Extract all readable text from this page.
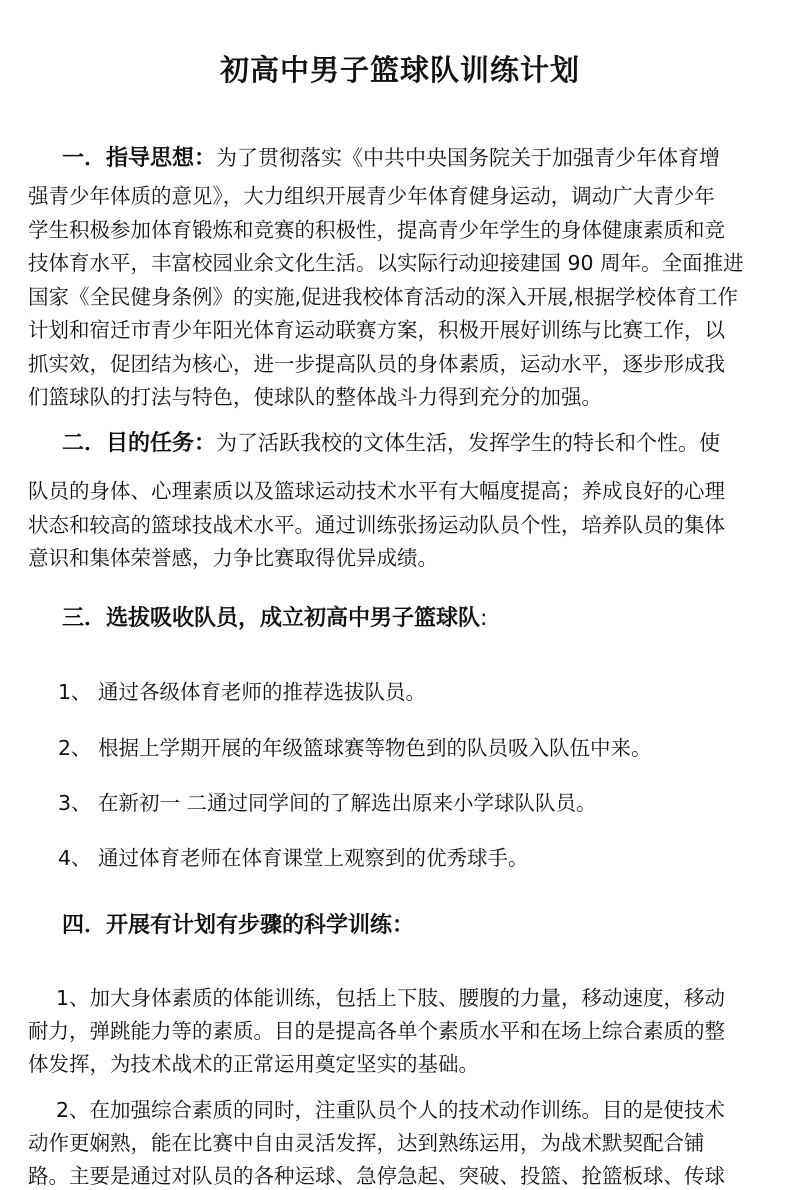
初高中男子篮球队训练计划
一．指导思想：为了贯彻落实《中共中央国务院关于加强青少年体育增
强青少年体质的意见》，大力组织开展青少年体育健身运动，调动广大青少年
学生积极参加体育锻炼和竞赛的积极性，提高青少年学生的身体健康素质和竞
技体育水平，丰富校园业余文化生活。以实际行动迎接建国 90 周年。全面推进
国家《全民健身条例》的实施,促进我校体育活动的深入开展,根据学校体育工作
计划和宿迁市青少年阳光体育运动联赛方案，积极开展好训练与比赛工作，以
抓实效，促团结为核心，进一步提高队员的身体素质，运动水平，逐步形成我
们篮球队的打法与特色，使球队的整体战斗力得到充分的加强。
二．目的任务：为了活跃我校的文体生活，发挥学生的特长和个性。使
队员的身体、心理素质以及篮球运动技术水平有大幅度提高；养成良好的心理
状态和较高的篮球技战术水平。通过训练张扬运动队员个性，培养队员的集体
意识和集体荣誉感，力争比赛取得优异成绩。
三．选拔吸收队员，成立初高中男子篮球队:
1、 通过各级体育老师的推荐选拔队员。
2、 根据上学期开展的年级篮球赛等物色到的队员吸入队伍中来。
3、 在新初一 二通过同学间的了解选出原来小学球队队员。
4、 通过体育老师在体育课堂上观察到的优秀球手。
四．开展有计划有步骤的科学训练：
1、加大身体素质的体能训练，包括上下肢、腰腹的力量，移动速度，移动
耐力，弹跳能力等的素质。目的是提高各单个素质水平和在场上综合素质的整
体发挥，为技术战术的正常运用奠定坚实的基础。
2、在加强综合素质的同时，注重队员个人的技术动作训练。目的是使技术
动作更娴熟，能在比赛中自由灵活发挥，达到熟练运用，为战术默契配合铺
路。主要是通过对队员的各种运球、急停急起、突破、投篮、抢篮板球、传球
